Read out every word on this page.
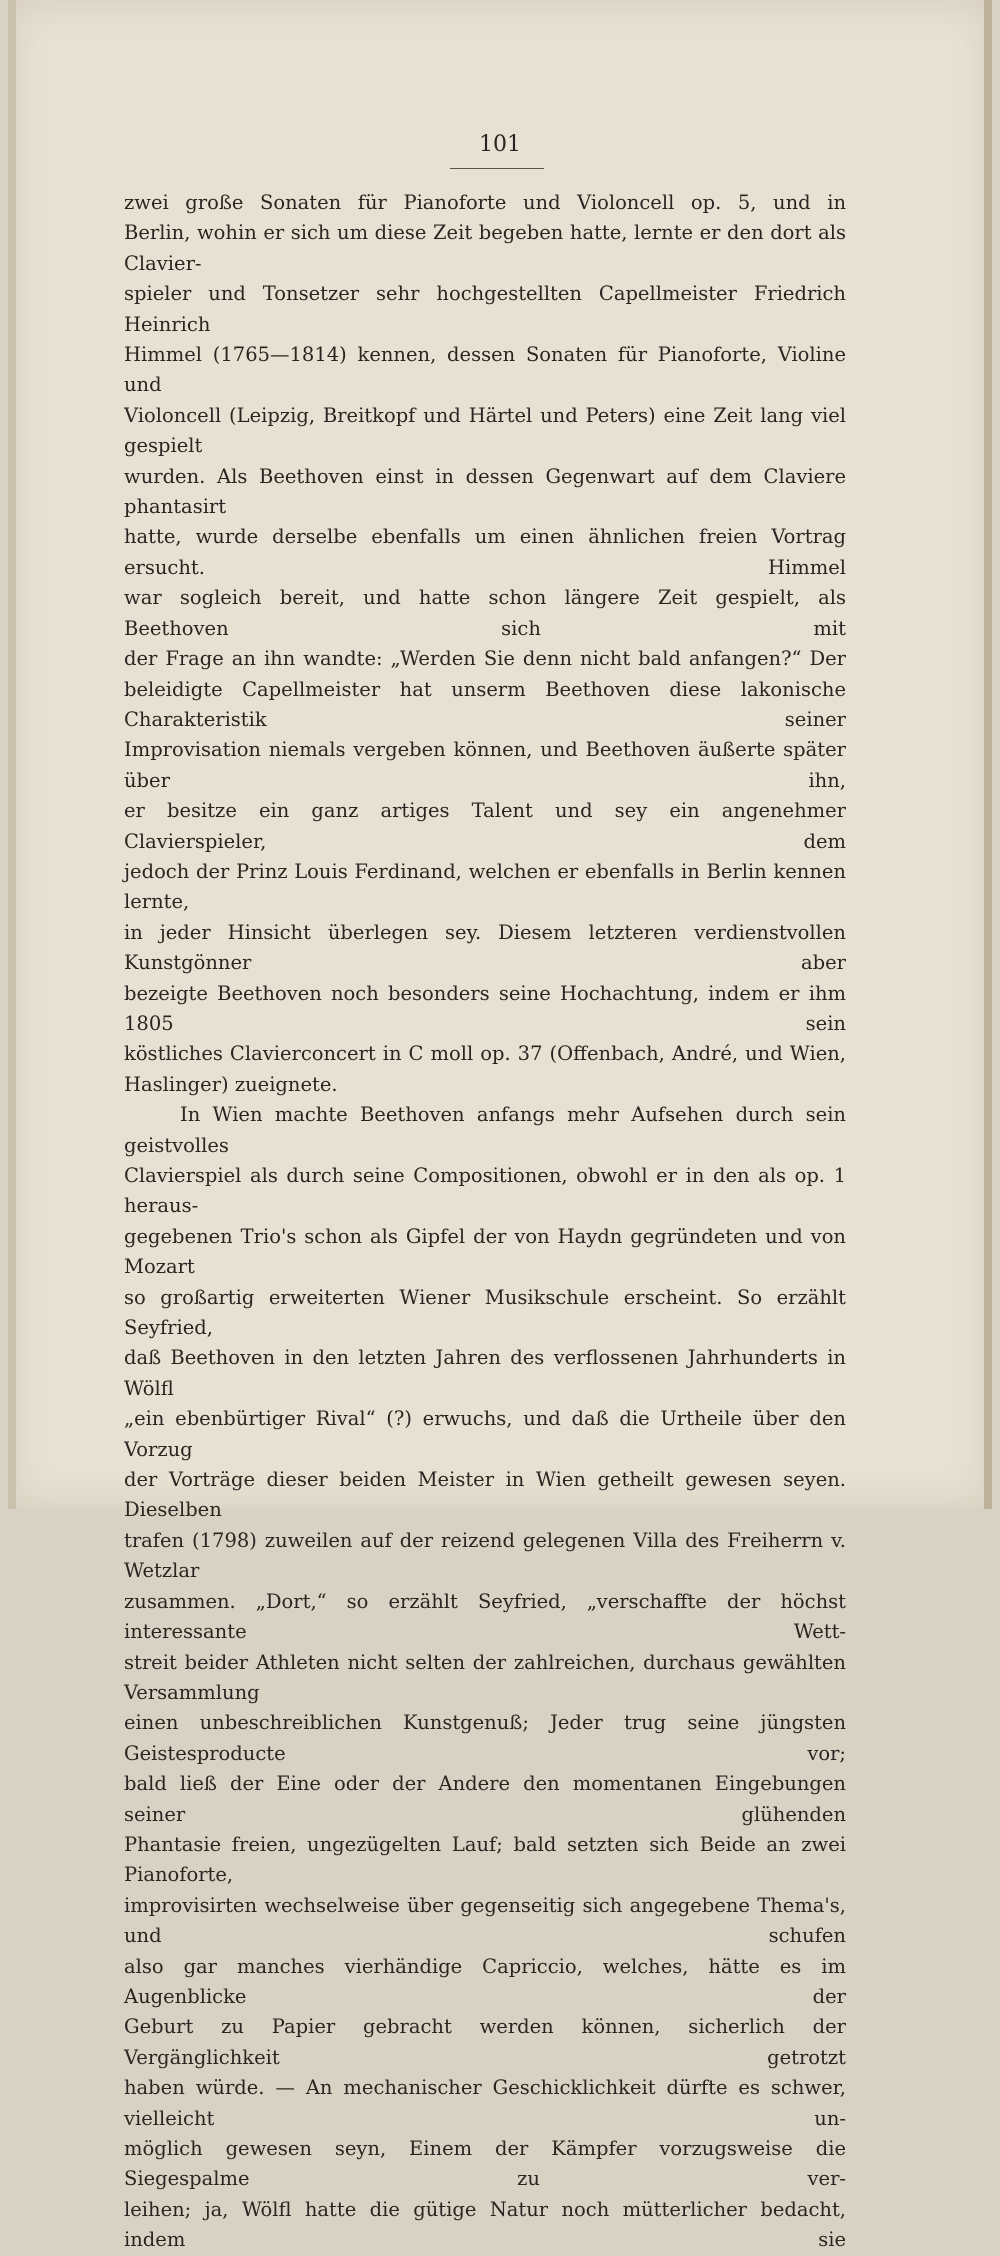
101

zwei große Sonaten für Pianoforte und Violoncell op. 5, und in

Berlin, wohin er sich um diese Zeit begeben hatte, lernte er den dort als Clavier-

spieler und Tonsetzer sehr hochgestellten Capellmeister Friedrich Heinrich

Himmel (1765—1814) kennen, dessen Sonaten für Pianoforte, Violine und

Violoncell (Leipzig, Breitkopf und Härtel und Peters) eine Zeit lang viel gespielt

wurden. Als Beethoven einst in dessen Gegenwart auf dem Claviere phantasirt

hatte, wurde derselbe ebenfalls um einen ähnlichen freien Vortrag ersucht. Himmel

war sogleich bereit, und hatte schon längere Zeit gespielt, als Beethoven sich mit

der Frage an ihn wandte: „Werden Sie denn nicht bald anfangen?“ Der

beleidigte Capellmeister hat unserm Beethoven diese lakonische Charakteristik seiner

Improvisation niemals vergeben können, und Beethoven äußerte später über ihn,

er besitze ein ganz artiges Talent und sey ein angenehmer Clavierspieler, dem

jedoch der Prinz Louis Ferdinand, welchen er ebenfalls in Berlin kennen lernte,

in jeder Hinsicht überlegen sey. Diesem letzteren verdienstvollen Kunstgönner aber

bezeigte Beethoven noch besonders seine Hochachtung, indem er ihm 1805 sein

köstliches Clavierconcert in C moll op. 37 (Offenbach, André, und Wien,

Haslinger) zueignete.

In Wien machte Beethoven anfangs mehr Aufsehen durch sein geistvolles

Clavierspiel als durch seine Compositionen, obwohl er in den als op. 1 heraus-

gegebenen Trio's schon als Gipfel der von Haydn gegründeten und von Mozart

so großartig erweiterten Wiener Musikschule erscheint. So erzählt Seyfried,

daß Beethoven in den letzten Jahren des verflossenen Jahrhunderts in Wölfl

„ein ebenbürtiger Rival“ (?) erwuchs, und daß die Urtheile über den Vorzug

der Vorträge dieser beiden Meister in Wien getheilt gewesen seyen. Dieselben

trafen (1798) zuweilen auf der reizend gelegenen Villa des Freiherrn v. Wetzlar

zusammen. „Dort,“ so erzählt Seyfried, „verschaffte der höchst interessante Wett-

streit beider Athleten nicht selten der zahlreichen, durchaus gewählten Versammlung

einen unbeschreiblichen Kunstgenuß; Jeder trug seine jüngsten Geistesproducte vor;

bald ließ der Eine oder der Andere den momentanen Eingebungen seiner glühenden

Phantasie freien, ungezügelten Lauf; bald setzten sich Beide an zwei Pianoforte,

improvisirten wechselweise über gegenseitig sich angegebene Thema's, und schufen

also gar manches vierhändige Capriccio, welches, hätte es im Augenblicke der

Geburt zu Papier gebracht werden können, sicherlich der Vergänglichkeit getrotzt

haben würde. — An mechanischer Geschicklichkeit dürfte es schwer, vielleicht un-

möglich gewesen seyn, Einem der Kämpfer vorzugsweise die Siegespalme zu ver-

leihen; ja, Wölfl hatte die gütige Natur noch mütterlicher bedacht, indem sie
